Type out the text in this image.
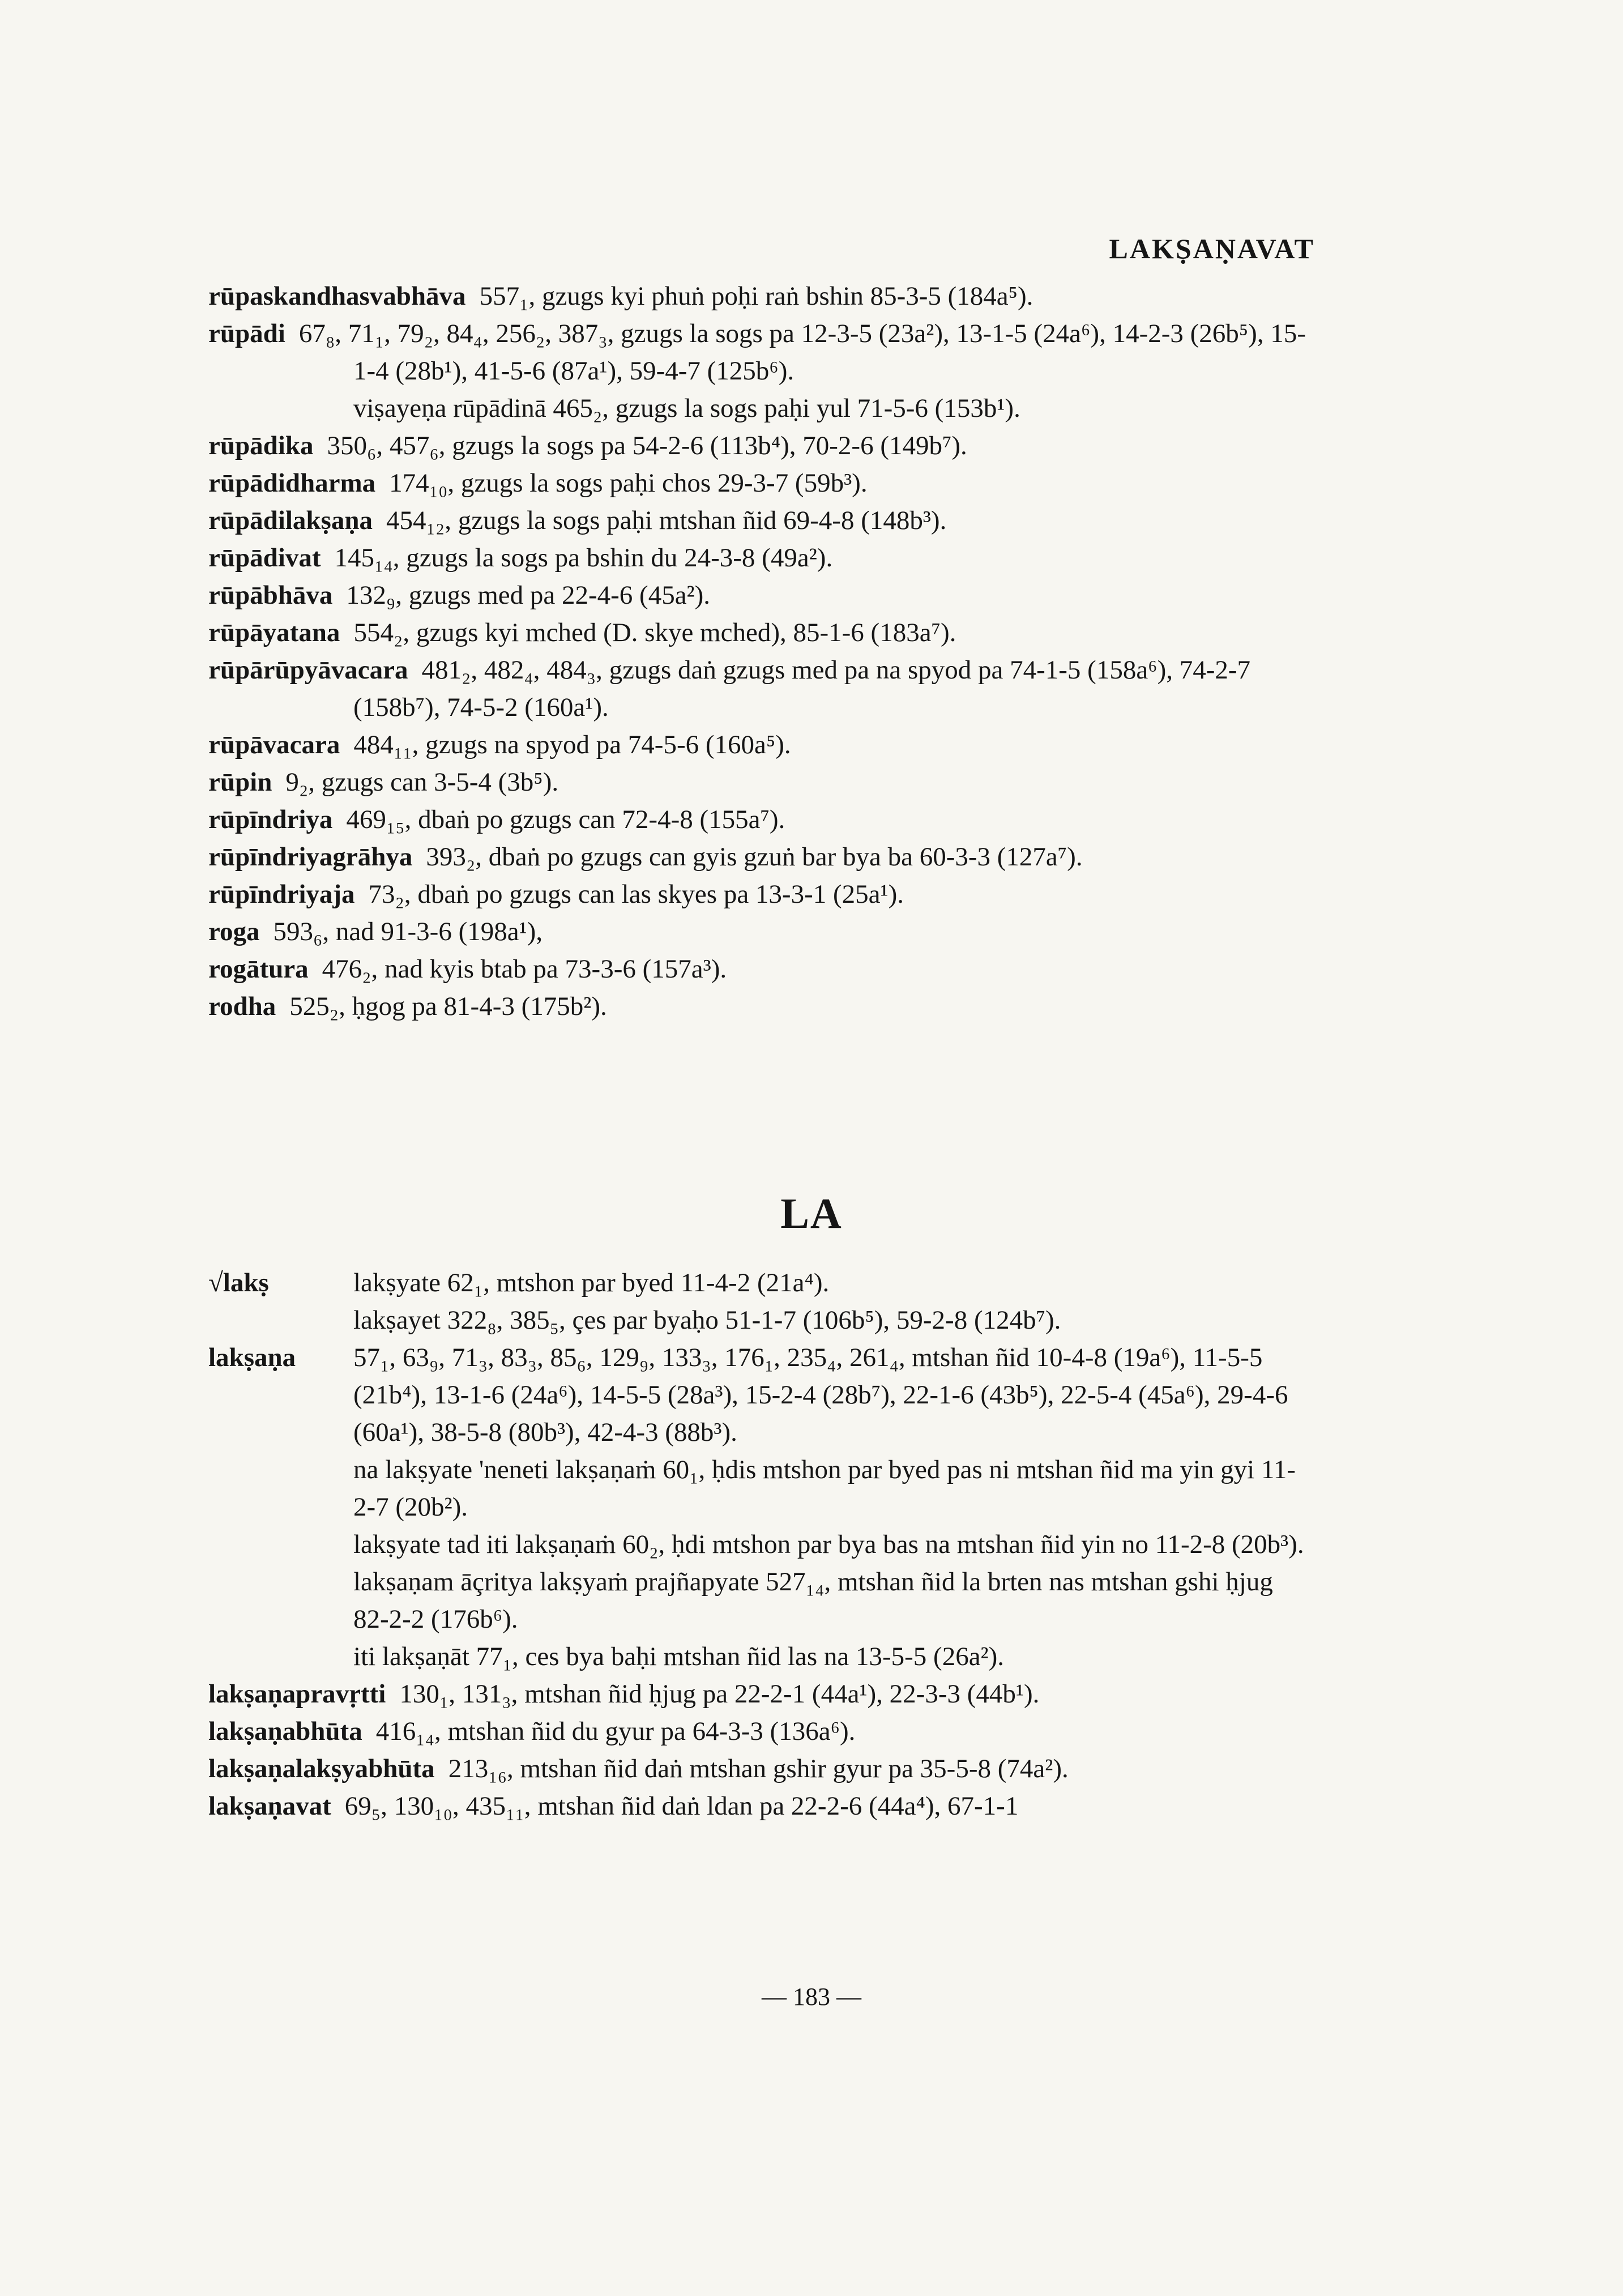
LAKṢAṆAVAT
rūpaskandhasvabhāva 557₁, gzugs kyi phuṅ poḥi raṅ bshin 85-3-5 (184a⁵).
rūpādi 67₈, 71₁, 79₂, 84₄, 256₂, 387₃, gzugs la sogs pa 12-3-5 (23a²), 13-1-5 (24a⁶), 14-2-3 (26b⁵), 15-1-4 (28b¹), 41-5-6 (87a¹), 59-4-7 (125b⁶).
viṣayeṇa rūpādinā 465₂, gzugs la sogs paḥi yul 71-5-6 (153b¹).
rūpādika 350₆, 457₆, gzugs la sogs pa 54-2-6 (113b⁴), 70-2-6 (149b⁷).
rūpādidharma 174₁₀, gzugs la sogs paḥi chos 29-3-7 (59b³).
rūpādilakṣaṇa 454₁₂, gzugs la sogs paḥi mtshan ñid 69-4-8 (148b³).
rūpādivat 145₁₄, gzugs la sogs pa bshin du 24-3-8 (49a²).
rūpābhāva 132₉, gzugs med pa 22-4-6 (45a²).
rūpāyatana 554₂, gzugs kyi mched (D. skye mched), 85-1-6 (183a⁷).
rūpārūpyāvacara 481₂, 482₄, 484₃, gzugs daṅ gzugs med pa na spyod pa 74-1-5 (158a⁶), 74-2-7 (158b⁷), 74-5-2 (160a¹).
rūpāvacara 484₁₁, gzugs na spyod pa 74-5-6 (160a⁵).
rūpin 9₂, gzugs can 3-5-4 (3b⁵).
rūpīndriya 469₁₅, dbaṅ po gzugs can 72-4-8 (155a⁷).
rūpīndriyagrāhya 393₂, dbaṅ po gzugs can gyis gzuṅ bar bya ba 60-3-3 (127a⁷).
rūpīndriyaja 73₂, dbaṅ po gzugs can las skyes pa 13-3-1 (25a¹).
roga 593₆, nad 91-3-6 (198a¹),
rogātura 476₂, nad kyis btab pa 73-3-6 (157a³).
rodha 525₂, ḥgog pa 81-4-3 (175b²).
LA
√lakṣ	lakṣyate 62₁, mtshon par byed 11-4-2 (21a⁴).
lakṣayet 322₈, 385₅, çes par byaḥo 51-1-7 (106b⁵), 59-2-8 (124b⁷).
lakṣaṇa 57₁, 63₉, 71₃, 83₃, 85₆, 129₉, 133₃, 176₁, 235₄, 261₄, mtshan ñid 10-4-8 (19a⁶), 11-5-5 (21b⁴), 13-1-6 (24a⁶), 14-5-5 (28a³), 15-2-4 (28b⁷), 22-1-6 (43b⁵), 22-5-4 (45a⁶), 29-4-6 (60a¹), 38-5-8 (80b³), 42-4-3 (88b³).
na lakṣyate 'neneti lakṣaṇaṁ 60₁, ḥdis mtshon par byed pas ni mtshan ñid ma yin gyi 11-2-7 (20b²).
lakṣyate tad iti lakṣaṇaṁ 60₂, ḥdi mtshon par bya bas na mtshan ñid yin no 11-2-8 (20b³).
lakṣaṇam āçritya lakṣyaṁ prajñapyate 527₁₄, mtshan ñid la brten nas mtshan gshi ḥjug 82-2-2 (176b⁶).
iti lakṣaṇāt 77₁, ces bya baḥi mtshan ñid las na 13-5-5 (26a²).
lakṣaṇapravṛtti 130₁, 131₃, mtshan ñid ḥjug pa 22-2-1 (44a¹), 22-3-3 (44b¹).
lakṣaṇabhūta 416₁₄, mtshan ñid du gyur pa 64-3-3 (136a⁶).
lakṣaṇalakṣyabhūta 213₁₆, mtshan ñid daṅ mtshan gshir gyur pa 35-5-8 (74a²).
lakṣaṇavat 69₅, 130₁₀, 435₁₁, mtshan ñid daṅ ldan pa 22-2-6 (44a⁴), 67-1-1
— 183 —
